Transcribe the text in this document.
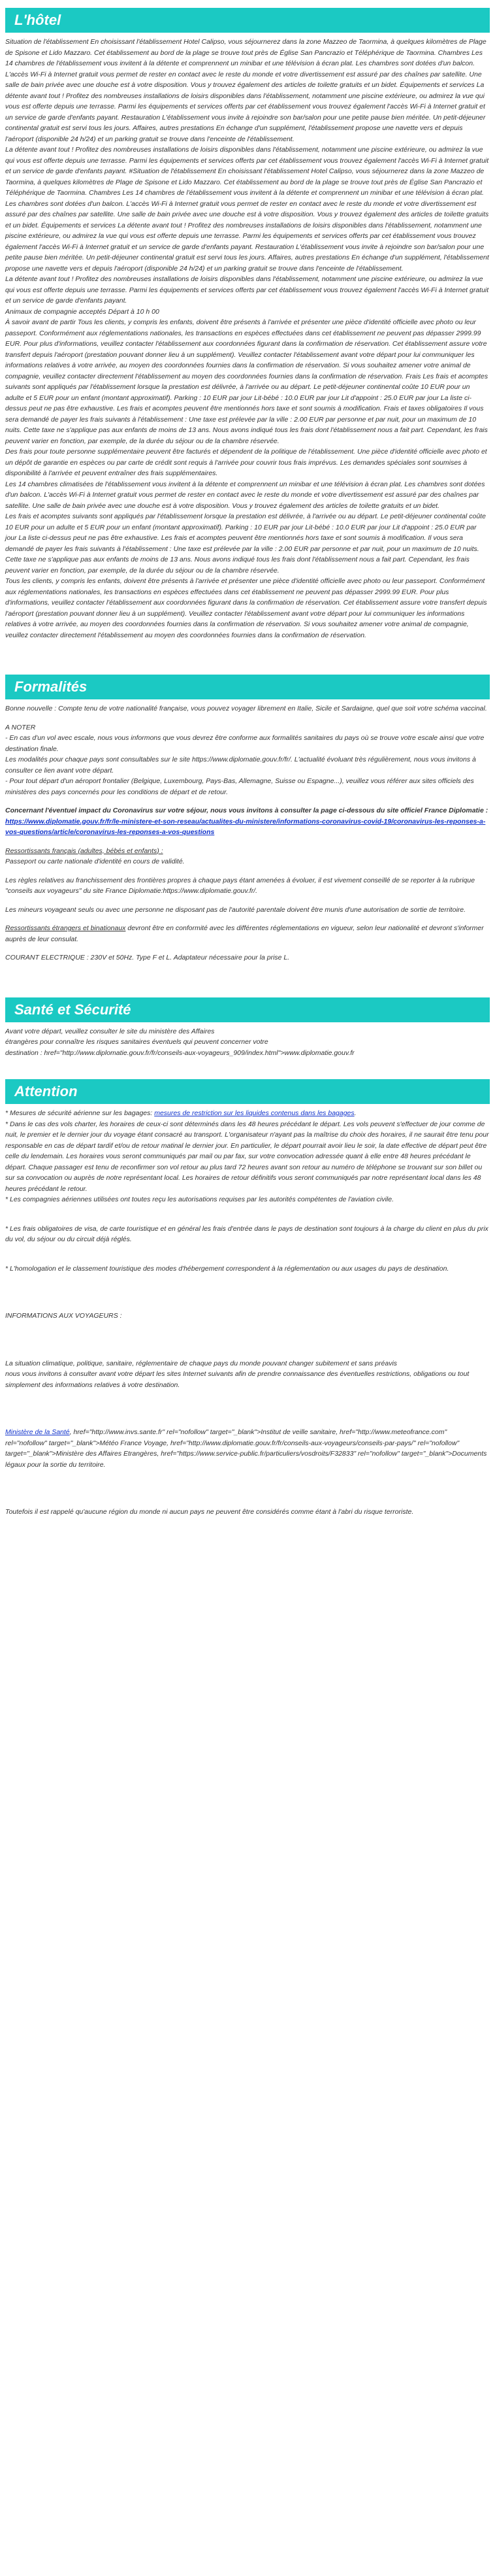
L'hôtel

Situation de l'établissement En choisissant l'établissement Hotel Calipso, vous séjournerez dans la zone Mazzeo de Taormina, à quelques kilomètres de Plage de Spisone et Lido Mazzaro. Cet établissement au bord de la plage se trouve tout près de Église San Pancrazio et Téléphérique de Taormina. Chambres Les 14 chambres de l'établissement vous invitent à la détente et comprennent un minibar et une télévision à écran plat. Les chambres sont dotées d'un balcon. L'accès Wi-Fi à Internet gratuit vous permet de rester en contact avec le reste du monde et votre divertissement est assuré par des chaînes par satellite. Une salle de bain privée avec une douche est à votre disposition. Vous y trouvez également des articles de toilette gratuits et un bidet. Équipements et services La détente avant tout ! Profitez des nombreuses installations de loisirs disponibles dans l'établissement, notamment une piscine extérieure, ou admirez la vue qui vous est offerte depuis une terrasse. Parmi les équipements et services offerts par cet établissement vous trouvez également l'accès Wi-Fi à Internet gratuit et un service de garde d'enfants payant. Restauration L'établissement vous invite à rejoindre son bar/salon pour une petite pause bien méritée. Un petit-déjeuner continental gratuit est servi tous les jours. Affaires, autres prestations En échange d'un supplément, l'établissement propose une navette vers et depuis l'aéroport (disponible 24 h/24) et un parking gratuit se trouve dans l'enceinte de l'établissement.

La détente avant tout ! Profitez des nombreuses installations de loisirs disponibles dans l'établissement, notamment une piscine extérieure, ou admirez la vue qui vous est offerte depuis une terrasse. Parmi les équipements et services offerts par cet établissement vous trouvez également l'accès Wi-Fi à Internet gratuit et un service de garde d'enfants payant. #Situation de l'établissement En choisissant l'établissement Hotel Calipso, vous séjournerez dans la zone Mazzeo de Taormina, à quelques kilomètres de Plage de Spisone et Lido Mazzaro. Cet établissement au bord de la plage se trouve tout près de Église San Pancrazio et Téléphérique de Taormina. Chambres Les 14 chambres de l'établissement vous invitent à la détente et comprennent un minibar et une télévision à écran plat. Les chambres sont dotées d'un balcon. L'accès Wi-Fi à Internet gratuit vous permet de rester en contact avec le reste du monde et votre divertissement est assuré par des chaînes par satellite. Une salle de bain privée avec une douche est à votre disposition. Vous y trouvez également des articles de toilette gratuits et un bidet. Équipements et services La détente avant tout ! Profitez des nombreuses installations de loisirs disponibles dans l'établissement, notamment une piscine extérieure, ou admirez la vue qui vous est offerte depuis une terrasse. Parmi les équipements et services offerts par cet établissement vous trouvez également l'accès Wi-Fi à Internet gratuit et un service de garde d'enfants payant. Restauration L'établissement vous invite à rejoindre son bar/salon pour une petite pause bien méritée. Un petit-déjeuner continental gratuit est servi tous les jours. Affaires, autres prestations En échange d'un supplément, l'établissement propose une navette vers et depuis l'aéroport (disponible 24 h/24) et un parking gratuit se trouve dans l'enceinte de l'établissement.

La détente avant tout ! Profitez des nombreuses installations de loisirs disponibles dans l'établissement, notamment une piscine extérieure, ou admirez la vue qui vous est offerte depuis une terrasse. Parmi les équipements et services offerts par cet établissement vous trouvez également l'accès Wi-Fi à Internet gratuit et un service de garde d'enfants payant.

Animaux de compagnie acceptés Départ à 10 h 00

À savoir avant de partir Tous les clients, y compris les enfants, doivent être présents à l'arrivée et présenter une pièce d'identité officielle avec photo ou leur passeport. Conformément aux réglementations nationales, les transactions en espèces effectuées dans cet établissement ne peuvent pas dépasser 2999.99 EUR. Pour plus d'informations, veuillez contacter l'établissement aux coordonnées figurant dans la confirmation de réservation. Cet établissement assure votre transfert depuis l'aéroport (prestation pouvant donner lieu à un supplément). Veuillez contacter l'établissement avant votre départ pour lui communiquer les informations relatives à votre arrivée, au moyen des coordonnées fournies dans la confirmation de réservation. Si vous souhaitez amener votre animal de compagnie, veuillez contacter directement l'établissement au moyen des coordonnées fournies dans la confirmation de réservation. Frais Les frais et acomptes suivants sont appliqués par l'établissement lorsque la prestation est délivrée, à l'arrivée ou au départ. Le petit-déjeuner continental coûte 10 EUR pour un adulte et 5 EUR pour un enfant (montant approximatif). Parking : 10 EUR par jour Lit-bébé : 10.0 EUR par jour Lit d'appoint : 25.0 EUR par jour La liste ci-dessus peut ne pas être exhaustive. Les frais et acomptes peuvent être mentionnés hors taxe et sont soumis à modification. Frais et taxes obligatoires Il vous sera demandé de payer les frais suivants à l'établissement : Une taxe est prélevée par la ville : 2.00 EUR par personne et par nuit, pour un maximum de 10 nuits. Cette taxe ne s'applique pas aux enfants de moins de 13 ans. Nous avons indiqué tous les frais dont l'établissement nous a fait part. Cependant, les frais peuvent varier en fonction, par exemple, de la durée du séjour ou de la chambre réservée.

Des frais pour toute personne supplémentaire peuvent être facturés et dépendent de la politique de l'établissement. Une pièce d'identité officielle avec photo et un dépôt de garantie en espèces ou par carte de crédit sont requis à l'arrivée pour couvrir tous frais imprévus. Les demandes spéciales sont soumises à disponibilité à l'arrivée et peuvent entraîner des frais supplémentaires.

Les 14 chambres climatisées de l'établissement vous invitent à la détente et comprennent un minibar et une télévision à écran plat. Les chambres sont dotées d'un balcon. L'accès Wi-Fi à Internet gratuit vous permet de rester en contact avec le reste du monde et votre divertissement est assuré par des chaînes par satellite. Une salle de bain privée avec une douche est à votre disposition. Vous y trouvez également des articles de toilette gratuits et un bidet.

Les frais et acomptes suivants sont appliqués par l'établissement lorsque la prestation est délivrée, à l'arrivée ou au départ. Le petit-déjeuner continental coûte 10 EUR pour un adulte et 5 EUR pour un enfant (montant approximatif). Parking : 10 EUR par jour Lit-bébé : 10.0 EUR par jour Lit d'appoint : 25.0 EUR par jour La liste ci-dessus peut ne pas être exhaustive. Les frais et acomptes peuvent être mentionnés hors taxe et sont soumis à modification. Il vous sera demandé de payer les frais suivants à l'établissement : Une taxe est prélevée par la ville : 2.00 EUR par personne et par nuit, pour un maximum de 10 nuits. Cette taxe ne s'applique pas aux enfants de moins de 13 ans. Nous avons indiqué tous les frais dont l'établissement nous a fait part. Cependant, les frais peuvent varier en fonction, par exemple, de la durée du séjour ou de la chambre réservée.

Tous les clients, y compris les enfants, doivent être présents à l'arrivée et présenter une pièce d'identité officielle avec photo ou leur passeport. Conformément aux réglementations nationales, les transactions en espèces effectuées dans cet établissement ne peuvent pas dépasser 2999.99 EUR. Pour plus d'informations, veuillez contacter l'établissement aux coordonnées figurant dans la confirmation de réservation. Cet établissement assure votre transfert depuis l'aéroport (prestation pouvant donner lieu à un supplément). Veuillez contacter l'établissement avant votre départ pour lui communiquer les informations relatives à votre arrivée, au moyen des coordonnées fournies dans la confirmation de réservation. Si vous souhaitez amener votre animal de compagnie, veuillez contacter directement l'établissement au moyen des coordonnées fournies dans la confirmation de réservation.

Formalités

Bonne nouvelle : Compte tenu de votre nationalité française, vous pouvez voyager librement en Italie, Sicile et Sardaigne, quel que soit votre schéma vaccinal.

A NOTER

- En cas d'un vol avec escale, nous vous informons que vous devrez être conforme aux formalités sanitaires du pays où se trouve votre escale ainsi que votre destination finale.

Les modalités pour chaque pays sont consultables sur le site https://www.diplomatie.gouv.fr/fr/. L'actualité évoluant très régulièrement, nous vous invitons à consulter ce lien avant votre départ.

- Pour tout départ d'un aéroport frontalier (Belgique, Luxembourg, Pays-Bas, Allemagne, Suisse ou Espagne...), veuillez vous référer aux sites officiels des ministères des pays concernés pour les conditions de départ et de retour.

Concernant l'éventuel impact du Coronavirus sur votre séjour, nous vous invitons à consulter la page ci-dessous du site officiel France Diplomatie :

https://www.diplomatie.gouv.fr/fr/le-ministere-et-son-reseau/actualites-du-ministere/informations-coronavirus-covid-19/coronavirus-les-reponses-a-vos-questions/article/coronavirus-les-reponses-a-vos-questions

Ressortissants français (adultes, bébés et enfants) :

Passeport ou carte nationale d'identité en cours de validité.

Les règles relatives au franchissement des frontières propres à chaque pays étant amenées à évoluer, il est vivement conseillé de se reporter à la rubrique "conseils aux voyageurs" du site France Diplomatie:https://www.diplomatie.gouv.fr/.

Les mineurs voyageant seuls ou avec une personne ne disposant pas de l'autorité parentale doivent être munis d'une autorisation de sortie de territoire.

Ressortissants étrangers et binationaux devront être en conformité avec les différentes réglementations en vigueur, selon leur nationalité et devront s'informer auprès de leur consulat.

COURANT ELECTRIQUE : 230V et 50Hz. Type F et L. Adaptateur nécessaire pour la prise L.

Santé et Sécurité

Avant votre départ, veuillez consulter le site du ministère des Affaires

étrangères pour connaître les risques sanitaires éventuels qui peuvent concerner votre

destination : href="http://www.diplomatie.gouv.fr/fr/conseils-aux-voyageurs_909/index.html">www.diplomatie.gouv.fr

Attention

* Mesures de sécurité aérienne sur les bagages: mesures de restriction sur les liquides contenus dans les bagages.

* Dans le cas des vols charter, les horaires de ceux-ci sont déterminés dans les 48 heures précédant le départ. Les vols peuvent s'effectuer de jour comme de nuit, le premier et le dernier jour du voyage étant consacré au transport. L'organisateur n'ayant pas la maîtrise du choix des horaires, il ne saurait être tenu pour responsable en cas de départ tardif et/ou de retour matinal le dernier jour. En particulier, le départ pourrait avoir lieu le soir, la date effective de départ peut être celle du lendemain. Les horaires vous seront communiqués par mail ou par fax, sur votre convocation adressée quant à elle entre 48 heures précédant le départ. Chaque passager est tenu de reconfirmer son vol retour au plus tard 72 heures avant son retour au numéro de téléphone se trouvant sur son billet ou sur sa convocation ou auprès de notre représentant local. Les horaires de retour définitifs vous seront communiqués par notre représentant local dans les 48 heures précédant le retour.

* Les compagnies aériennes utilisées ont toutes reçu les autorisations requises par les autorités compétentes de l'aviation civile.

* Les frais obligatoires de visa, de carte touristique et en général les frais d'entrée dans le pays de destination sont toujours à la charge du client en plus du prix du vol, du séjour ou du circuit déjà réglés.

* L'homologation et le classement touristique des modes d'hébergement correspondent à la réglementation ou aux usages du pays de destination.

INFORMATIONS AUX VOYAGEURS :

La situation climatique, politique, sanitaire, réglementaire de chaque pays du monde pouvant changer subitement et sans préavis

nous vous invitons à consulter avant votre départ les sites Internet suivants afin de prendre connaissance des éventuelles restrictions, obligations ou tout simplement des informations relatives à votre destination.

Ministère de la Santé, href="http://www.invs.sante.fr" rel="nofollow" target="_blank">Institut de veille sanitaire, href="http://www.meteofrance.com" rel="nofollow" target="_blank">Météo France Voyage, href="http://www.diplomatie.gouv.fr/fr/conseils-aux-voyageurs/conseils-par-pays/" rel="nofollow" target="_blank">Ministère des Affaires Etrangères, href="https://www.service-public.fr/particuliers/vosdroits/F32833" rel="nofollow" target="_blank">Documents légaux pour la sortie du territoire.

Toutefois il est rappelé qu'aucune région du monde ni aucun pays ne peuvent être considérés comme étant à l'abri du risque terroriste.
